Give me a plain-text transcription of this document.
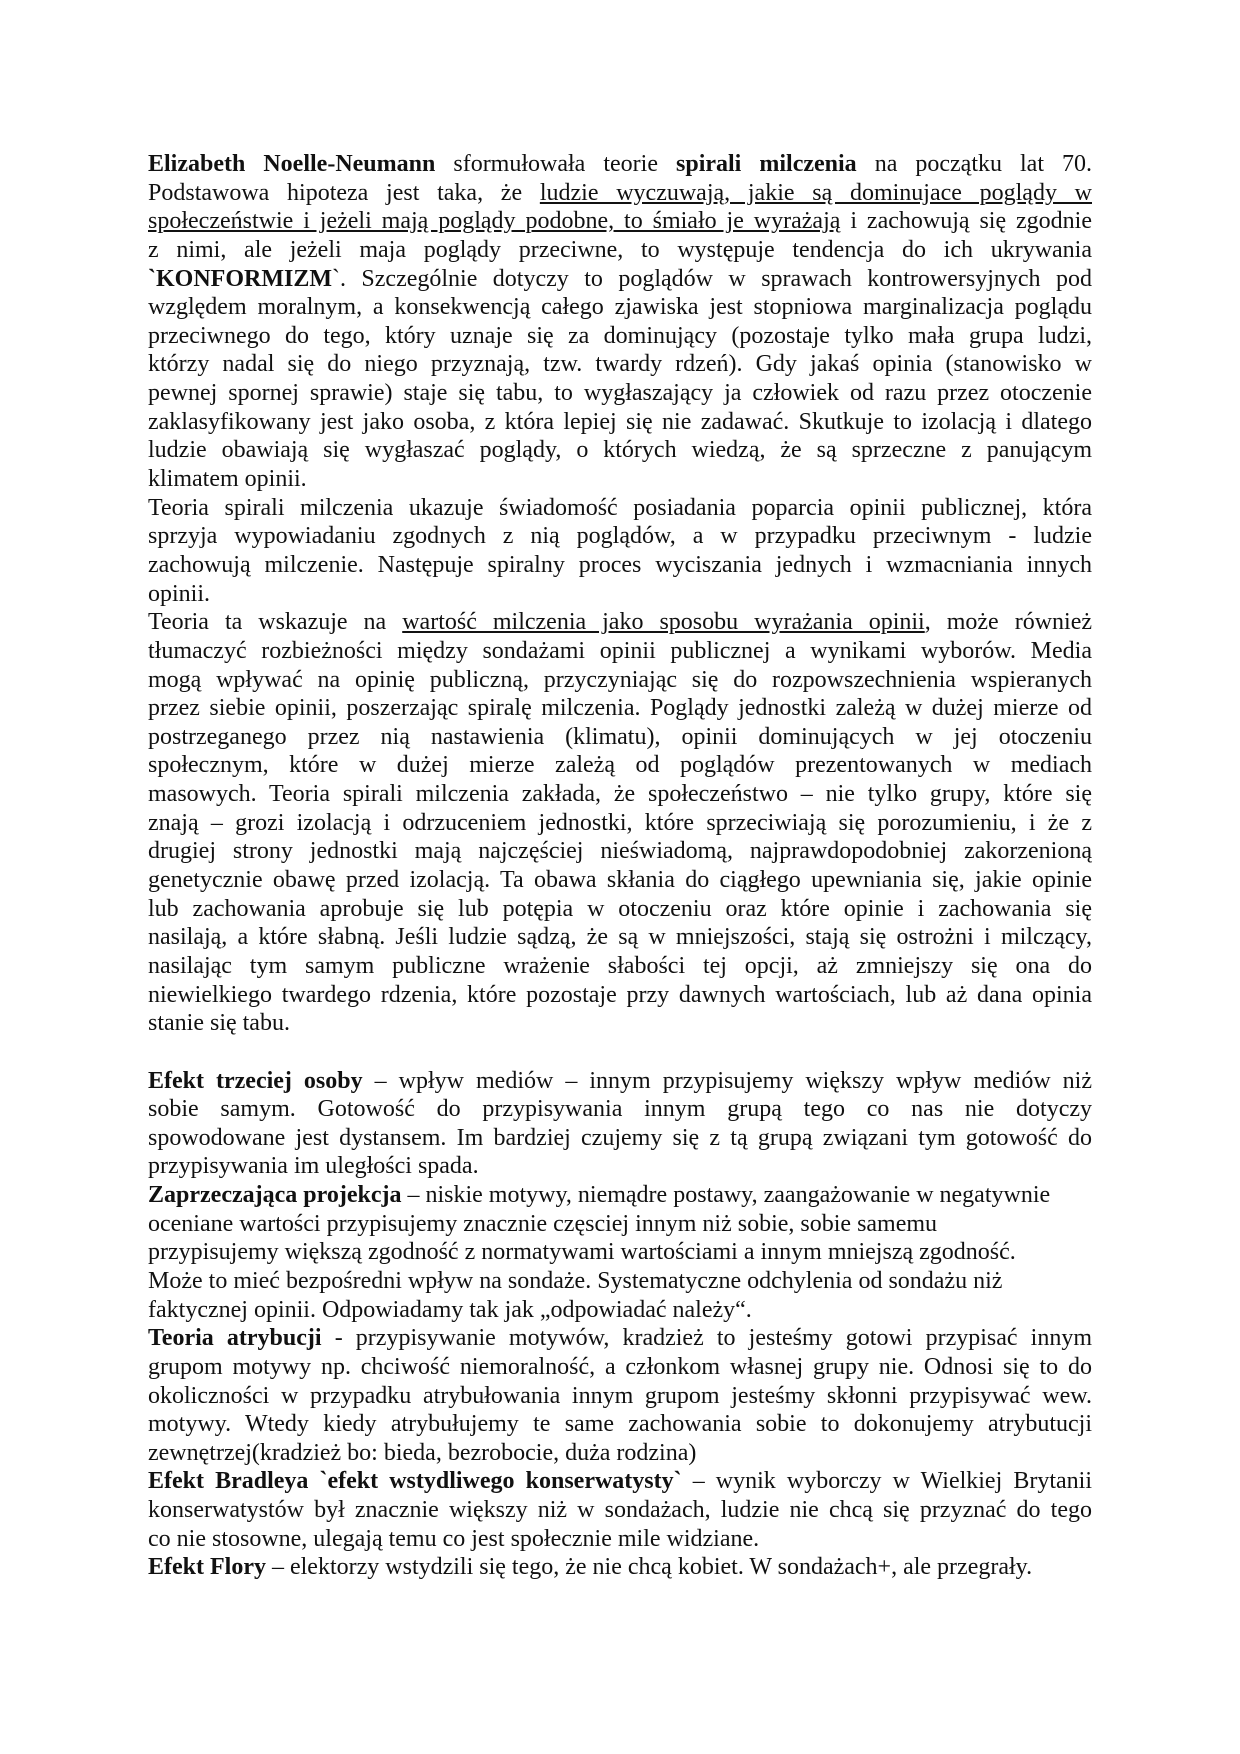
Elizabeth Noelle-Neumann sformułowała teorie spirali milczenia na początku lat 70.
Podstawowa hipoteza jest taka, że ludzie wyczuwają, jakie są dominujace poglądy w
społeczeństwie i jeżeli mają poglądy podobne, to śmiało je wyrażają i zachowują się zgodnie
z nimi, ale jeżeli maja poglądy przeciwne, to występuje tendencja do ich ukrywania
`KONFORMIZM`. Szczególnie dotyczy to poglądów w sprawach kontrowersyjnych pod
względem moralnym, a konsekwencją całego zjawiska jest stopniowa marginalizacja poglądu
przeciwnego do tego, który uznaje się za dominujący (pozostaje tylko mała grupa ludzi,
którzy nadal się do niego przyznają, tzw. twardy rdzeń). Gdy jakaś opinia (stanowisko w
pewnej spornej sprawie) staje się tabu, to wygłaszający ja człowiek od razu przez otoczenie
zaklasyfikowany jest jako osoba, z która lepiej się nie zadawać. Skutkuje to izolacją i dlatego
ludzie obawiają się wygłaszać poglądy, o których wiedzą, że są sprzeczne z panującym
klimatem opinii.
Teoria spirali milczenia ukazuje świadomość posiadania poparcia opinii publicznej, która
sprzyja wypowiadaniu zgodnych z nią poglądów, a w przypadku przeciwnym - ludzie
zachowują milczenie. Następuje spiralny proces wyciszania jednych i wzmacniania innych
opinii.
Teoria ta wskazuje na wartość milczenia jako sposobu wyrażania opinii, może również
tłumaczyć rozbieżności między sondażami opinii publicznej a wynikami wyborów. Media
mogą wpływać na opinię publiczną, przyczyniając się do rozpowszechnienia wspieranych
przez siebie opinii, poszerzając spiralę milczenia. Poglądy jednostki zależą w dużej mierze od
postrzeganego przez nią nastawienia (klimatu), opinii dominujących w jej otoczeniu
społecznym, które w dużej mierze zależą od poglądów prezentowanych w mediach
masowych. Teoria spirali milczenia zakłada, że społeczeństwo – nie tylko grupy, które się
znają – grozi izolacją i odrzuceniem jednostki, które sprzeciwiają się porozumieniu, i że z
drugiej strony jednostki mają najczęściej nieświadomą, najprawdopodobniej zakorzenioną
genetycznie obawę przed izolacją. Ta obawa skłania do ciągłego upewniania się, jakie opinie
lub zachowania aprobuje się lub potępia w otoczeniu oraz które opinie i zachowania się
nasilają, a które słabną. Jeśli ludzie sądzą, że są w mniejszości, stają się ostrożni i milczący,
nasilając tym samym publiczne wrażenie słabości tej opcji, aż zmniejszy się ona do
niewielkiego twardego rdzenia, które pozostaje przy dawnych wartościach, lub aż dana opinia
stanie się tabu.
Efekt trzeciej osoby – wpływ mediów – innym przypisujemy większy wpływ mediów niż
sobie samym. Gotowość do przypisywania innym grupą tego co nas nie dotyczy
spowodowane jest dystansem. Im bardziej czujemy się z tą grupą związani tym gotowość do
przypisywania im uległości spada.
Zaprzeczająca projekcja – niskie motywy, niemądre postawy, zaangażowanie w negatywnie
oceniane wartości przypisujemy znacznie częsciej innym niż sobie, sobie samemu
przypisujemy większą zgodność z normatywami wartościami a innym mniejszą zgodność.
Może to mieć bezpośredni wpływ na sondaże. Systematyczne odchylenia od sondażu niż
faktycznej opinii. Odpowiadamy tak jak „odpowiadać należy“.
Teoria atrybucji - przypisywanie motywów, kradzież to jesteśmy gotowi przypisać innym
grupom motywy np. chciwość niemoralność, a członkom własnej grupy nie. Odnosi się to do
okoliczności w przypadku atrybułowania innym grupom jesteśmy skłonni przypisywać wew.
motywy. Wtedy kiedy atrybułujemy te same zachowania sobie to dokonujemy atrybutucji
zewnętrzej(kradzież bo: bieda, bezrobocie, duża rodzina)
Efekt Bradleya `efekt wstydliwego konserwatysty` – wynik wyborczy w Wielkiej Brytanii
konserwatystów był znacznie większy niż w sondażach, ludzie nie chcą się przyznać do tego
co nie stosowne, ulegają temu co jest społecznie mile widziane.
Efekt Flory – elektorzy wstydzili się tego, że nie chcą kobiet. W sondażach+, ale przegrały.
